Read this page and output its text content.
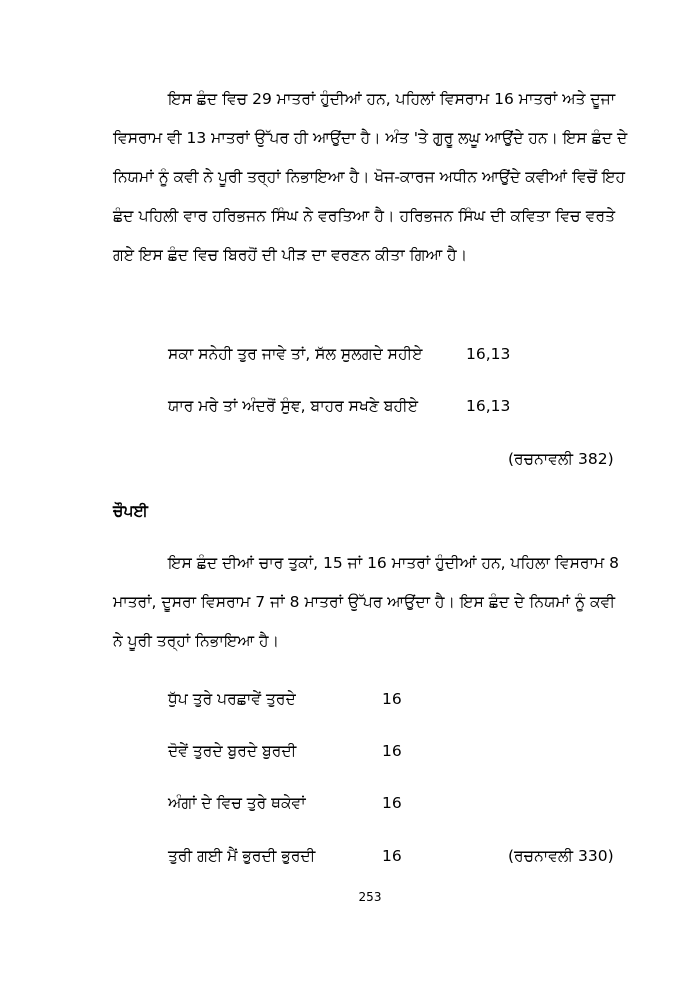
ਇਸ ਛੰਦ ਵਿਚ 29 ਮਾਤਰਾਂ ਹੁੰਦੀਆਂ ਹਨ, ਪਹਿਲਾਂ ਵਿਸਰਾਮ 16 ਮਾਤਰਾਂ ਅਤੇ ਦੂਜਾ
ਵਿਸਰਾਮ ਵੀ 13 ਮਾਤਰਾਂ ਉੱਪਰ ਹੀ ਆਉਂਦਾ ਹੈ। ਅੰਤ 'ਤੇ ਗੁਰੂ ਲਘੂ ਆਉਂਦੇ ਹਨ। ਇਸ ਛੰਦ ਦੇ
ਨਿਯਮਾਂ ਨੂੰ ਕਵੀ ਨੇ ਪੂਰੀ ਤਰ੍ਹਾਂ ਨਿਭਾਇਆ ਹੈ। ਖੋਜ-ਕਾਰਜ ਅਧੀਨ ਆਉਂਦੇ ਕਵੀਆਂ ਵਿਚੋਂ ਇਹ
ਛੰਦ ਪਹਿਲੀ ਵਾਰ ਹਰਿਭਜਨ ਸਿੰਘ ਨੇ ਵਰਤਿਆ ਹੈ। ਹਰਿਭਜਨ ਸਿੰਘ ਦੀ ਕਵਿਤਾ ਵਿਚ ਵਰਤੇ
ਗਏ ਇਸ ਛੰਦ ਵਿਚ ਬਿਰਹੋਂ ਦੀ ਪੀੜ ਦਾ ਵਰਣਨ ਕੀਤਾ ਗਿਆ ਹੈ।
ਸਕਾ ਸਨੇਹੀ ਤੁਰ ਜਾਵੇ ਤਾਂ, ਸੱਲ ਸੁਲਗਦੇ ਸਹੀਏ	16,13
ਯਾਰ ਮਰੇ ਤਾਂ ਅੰਦਰੋਂ ਸੁੰਞ, ਬਾਹਰ ਸਖਣੇ ਬਹੀਏ	16,13
(ਰਚਨਾਵਲੀ 382)
ਚੌਪਈ
ਇਸ ਛੰਦ ਦੀਆਂ ਚਾਰ ਤੁਕਾਂ, 15 ਜਾਂ 16 ਮਾਤਰਾਂ ਹੁੰਦੀਆਂ ਹਨ, ਪਹਿਲਾ ਵਿਸਰਾਮ 8
ਮਾਤਰਾਂ, ਦੂਸਰਾ ਵਿਸਰਾਮ 7 ਜਾਂ 8 ਮਾਤਰਾਂ ਉੱਪਰ ਆਉਂਦਾ ਹੈ। ਇਸ ਛੰਦ ਦੇ ਨਿਯਮਾਂ ਨੂੰ ਕਵੀ
ਨੇ ਪੂਰੀ ਤਰ੍ਹਾਂ ਨਿਭਾਇਆ ਹੈ।
ਧੁੱਪ ਤੁਰੇ ਪਰਛਾਵੇਂ ਤੁਰਦੇ	16
ਦੋਵੇਂ ਤੁਰਦੇ ਬੁਰਦੇ ਬੁਰਦੀ	16
ਅੰਗਾਂ ਦੇ ਵਿਚ ਤੁਰੇ ਥਕੇਵਾਂ	16
ਤੁਰੀ ਗਈ ਮੈਂ ਭੁਰਦੀ ਭੁਰਦੀ	16	(ਰਚਨਾਵਲੀ 330)
253
